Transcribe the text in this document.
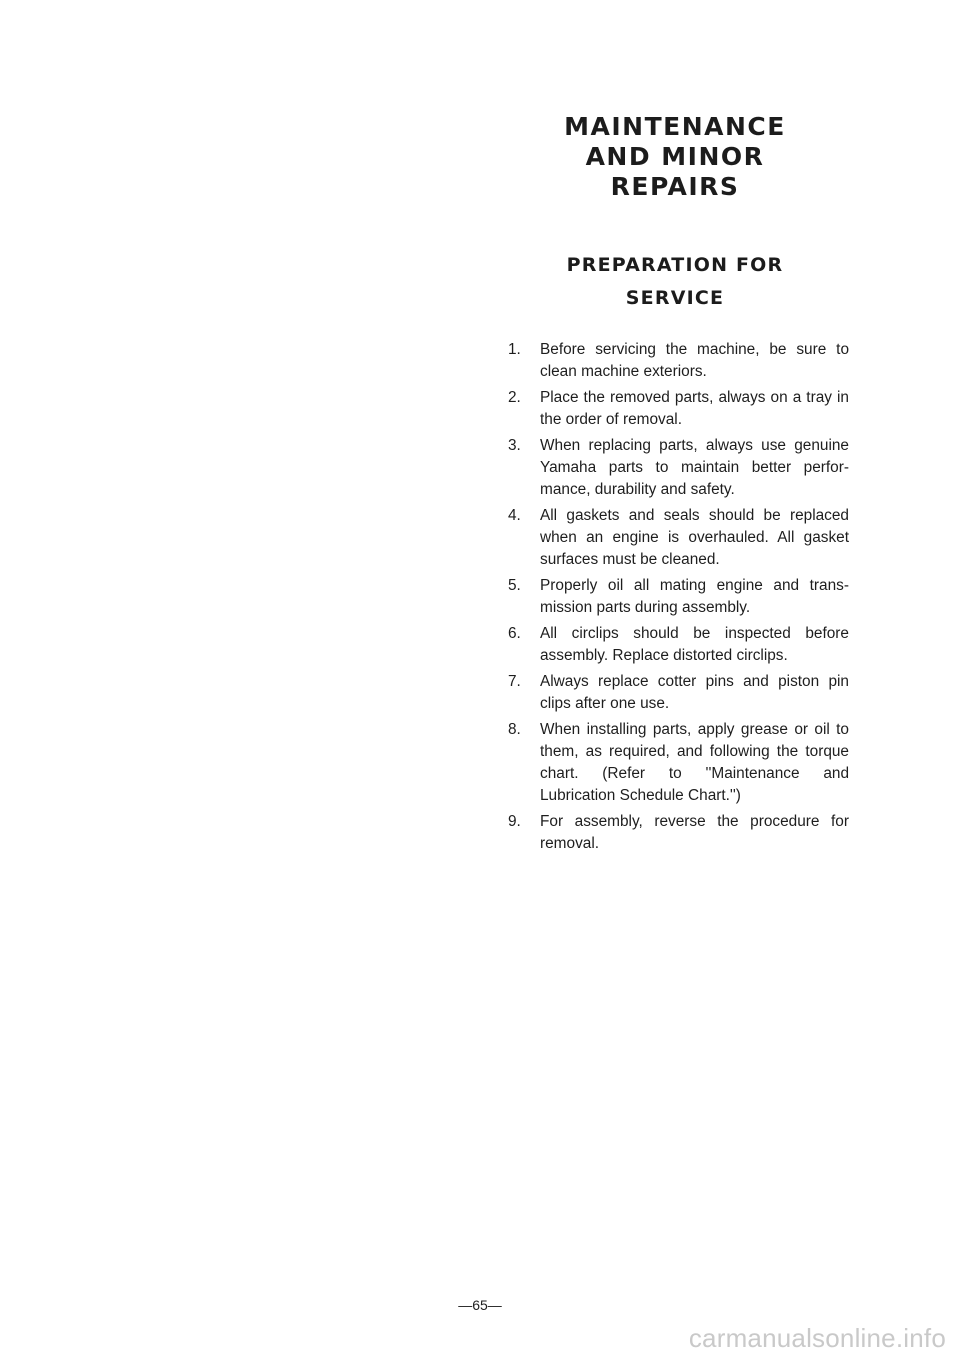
MAINTENANCE
AND MINOR
REPAIRS
PREPARATION FOR
SERVICE
1.	Before servicing the machine, be sure to clean machine exteriors.
2.	Place the removed parts, always on a tray in the order of removal.
3.	When replacing parts, always use genuine Yamaha parts to maintain better perfor-mance, durability and safety.
4.	All gaskets and seals should be replaced when an engine is overhauled. All gasket surfaces must be cleaned.
5.	Properly oil all mating engine and trans-mission parts during assembly.
6.	All circlips should be inspected before assembly. Replace distorted circlips.
7.	Always replace cotter pins and piston pin clips after one use.
8.	When installing parts, apply grease or oil to them, as required, and following the torque chart. (Refer to ''Maintenance and Lubrication Schedule Chart.'')
9.	For assembly, reverse the procedure for removal.
—65—
carmanualsonline.info
